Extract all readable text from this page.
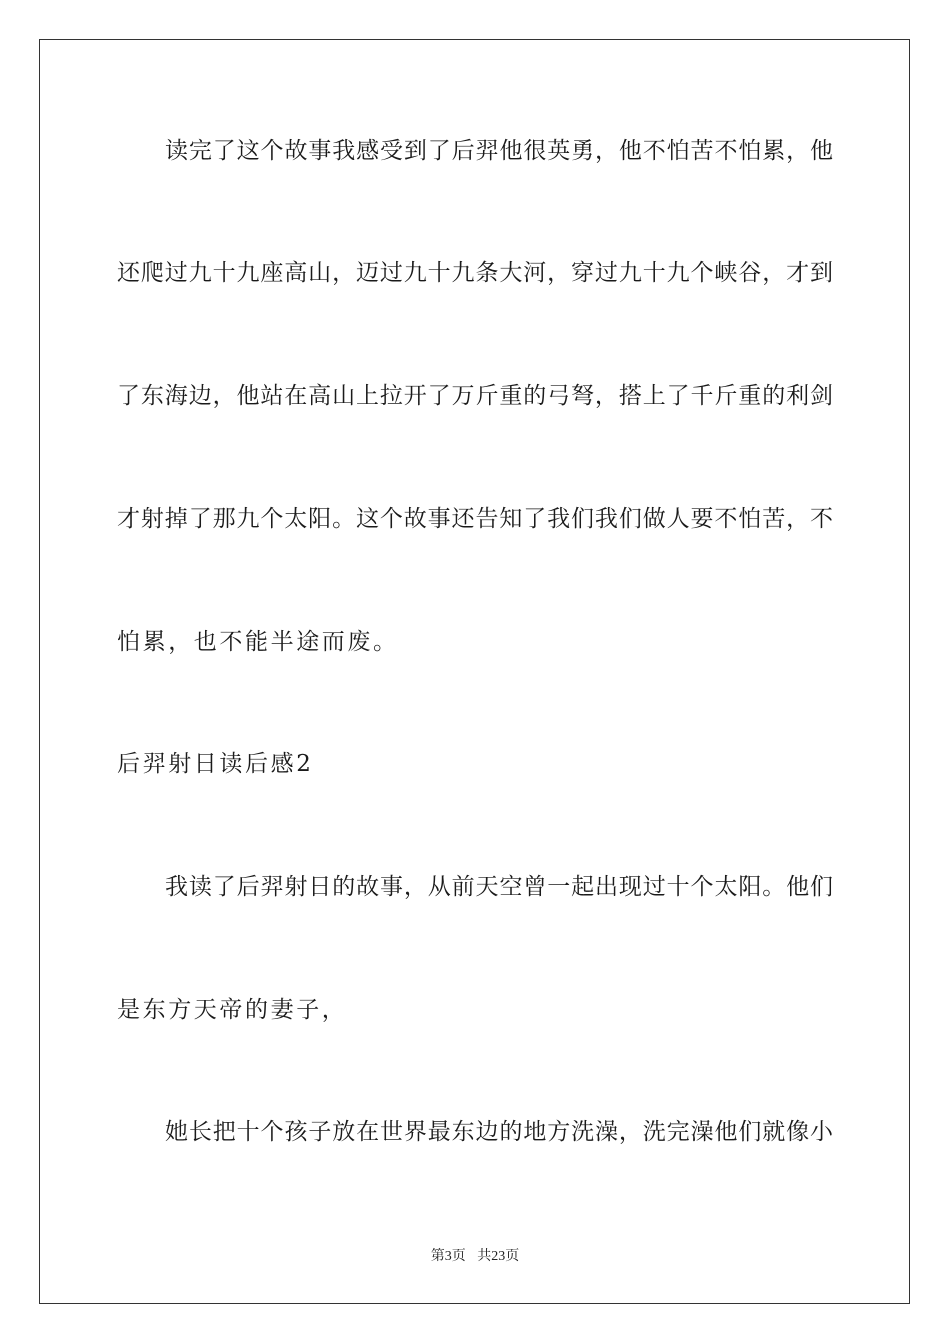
读完了这个故事我感受到了后羿他很英勇，他不怕苦不怕累，他
还爬过九十九座高山，迈过九十九条大河，穿过九十九个峡谷，才到
了东海边，他站在高山上拉开了万斤重的弓弩，搭上了千斤重的利剑
才射掉了那九个太阳。这个故事还告知了我们我们做人要不怕苦，不
怕累，也不能半途而废。
后羿射日读后感2
我读了后羿射日的故事，从前天空曾一起出现过十个太阳。他们
是东方天帝的妻子，
她长把十个孩子放在世界最东边的地方洗澡，洗完澡他们就像小
第3页 共23页
